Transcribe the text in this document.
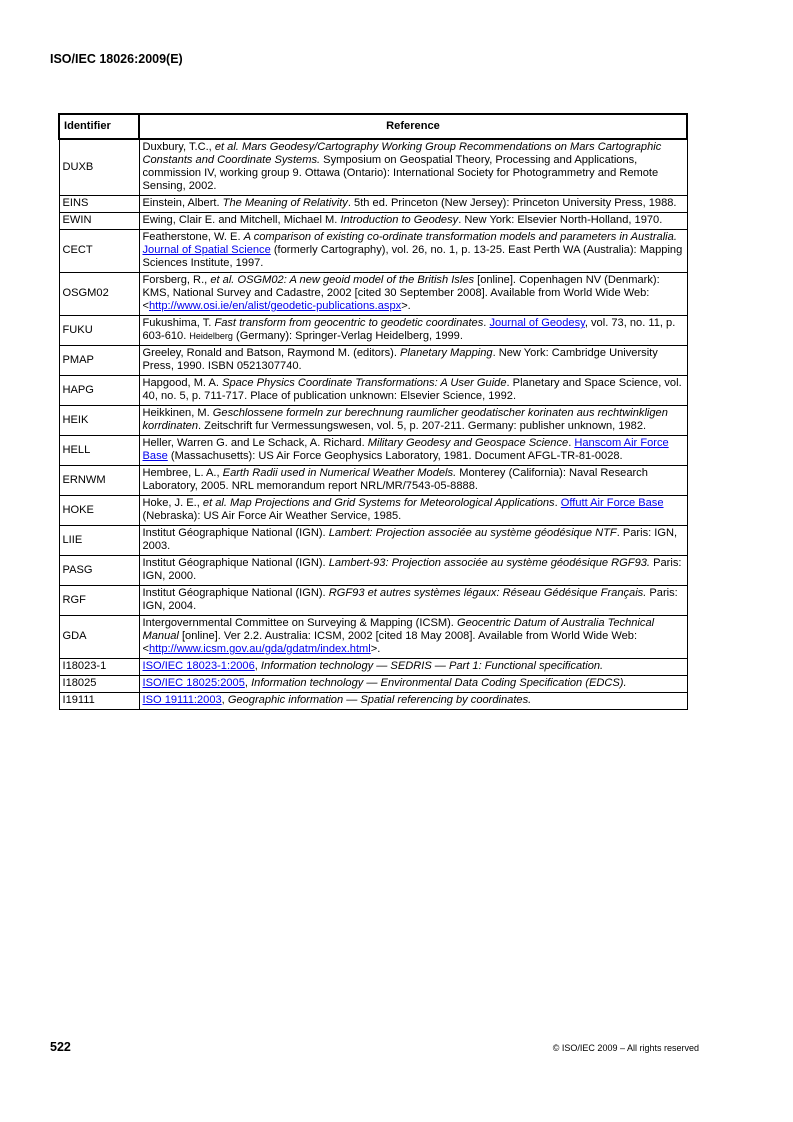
ISO/IEC 18026:2009(E)
Identifier	Reference
DUXB	Duxbury, T.C., et al. Mars Geodesy/Cartography Working Group Recommendations on Mars Cartographic Constants and Coordinate Systems. Symposium on Geospatial Theory, Processing and Applications, commission IV, working group 9. Ottawa (Ontario): International Society for Photogrammetry and Remote Sensing, 2002.
EINS	Einstein, Albert. The Meaning of Relativity. 5th ed. Princeton (New Jersey): Princeton University Press, 1988.
EWIN	Ewing, Clair E. and Mitchell, Michael M. Introduction to Geodesy. New York: Elsevier North-Holland, 1970.
CECT	Featherstone, W. E. A comparison of existing co-ordinate transformation models and parameters in Australia. Journal of Spatial Science (formerly Cartography), vol. 26, no. 1, p. 13-25. East Perth WA (Australia): Mapping Sciences Institute, 1997.
OSGM02	Forsberg, R., et al. OSGM02: A new geoid model of the British Isles [online]. Copenhagen NV (Denmark): KMS, National Survey and Cadastre, 2002 [cited 30 September 2008]. Available from World Wide Web: <http://www.osi.ie/en/alist/geodetic-publications.aspx>.
FUKU	Fukushima, T. Fast transform from geocentric to geodetic coordinates. Journal of Geodesy, vol. 73, no. 11, p. 603-610. Heidelberg (Germany): Springer-Verlag Heidelberg, 1999.
PMAP	Greeley, Ronald and Batson, Raymond M. (editors). Planetary Mapping. New York: Cambridge University Press, 1990. ISBN 0521307740.
HAPG	Hapgood, M. A. Space Physics Coordinate Transformations: A User Guide. Planetary and Space Science, vol. 40, no. 5, p. 711-717. Place of publication unknown: Elsevier Science, 1992.
HEIK	Heikkinen, M. Geschlossene formeln zur berechnung raumlicher geodatischer korinaten aus rechtwinkligen korrdinaten. Zeitschrift fur Vermessungswesen, vol. 5, p. 207-211. Germany: publisher unknown, 1982.
HELL	Heller, Warren G. and Le Schack, A. Richard. Military Geodesy and Geospace Science. Hanscom Air Force Base (Massachusetts): US Air Force Geophysics Laboratory, 1981. Document AFGL-TR-81-0028.
ERNWM	Hembree, L. A., Earth Radii used in Numerical Weather Models. Monterey (California): Naval Research Laboratory, 2005. NRL memorandum report NRL/MR/7543-05-8888.
HOKE	Hoke, J. E., et al. Map Projections and Grid Systems for Meteorological Applications. Offutt Air Force Base (Nebraska): US Air Force Air Weather Service, 1985.
LIIE	Institut Géographique National (IGN). Lambert: Projection associée au système géodésique NTF. Paris: IGN, 2003.
PASG	Institut Géographique National (IGN). Lambert-93: Projection associée au système géodésique RGF93. Paris: IGN, 2000.
RGF	Institut Géographique National (IGN). RGF93 et autres systèmes légaux: Réseau Gédésique Français. Paris: IGN, 2004.
GDA	Intergovernmental Committee on Surveying & Mapping (ICSM). Geocentric Datum of Australia Technical Manual [online]. Ver 2.2. Australia: ICSM, 2002 [cited 18 May 2008]. Available from World Wide Web: <http://www.icsm.gov.au/gda/gdatm/index.html>.
I18023-1	ISO/IEC 18023-1:2006, Information technology — SEDRIS — Part 1: Functional specification.
I18025	ISO/IEC 18025:2005, Information technology — Environmental Data Coding Specification (EDCS).
I19111	ISO 19111:2003, Geographic information — Spatial referencing by coordinates.
522	© ISO/IEC 2009 – All rights reserved
